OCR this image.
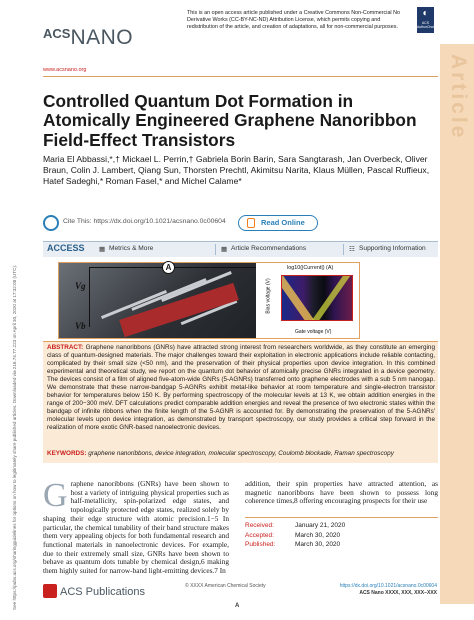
See https://pubs.acs.org/sharingguidelines for options on how to legitimately share published articles. Downloaded via 216.74.77.223 on April 30, 2020 at 17:32:08 (UTC).
$^{ACS}$NANO
www.acsnano.org
This is an open access article published under a Creative Commons Non-Commercial No Derivative Works (CC-BY-NC-ND) Attribution License, which permits copying and redistribution of the article, and creation of adaptations, all for non-commercial purposes.
◐
ACS AuthorChoice
Article
Controlled Quantum Dot Formation in Atomically Engineered Graphene Nanoribbon Field-Effect Transistors
Maria El Abbassi,*,† Mickael L. Perrin,† Gabriela Borin Barin, Sara Sangtarash, Jan Overbeck, Oliver Braun, Colin J. Lambert, Qiang Sun, Thorsten Prechtl, Akimitsu Narita, Klaus Müllen, Pascal Ruffieux, Hatef Sadeghi,* Roman Fasel,* and Michel Calame*
Cite This: https://dx.doi.org/10.1021/acsnano.0c00604	Read Online
ACCESS ▦ Metrics & More	▦ Article Recommendations	☷ Supporting Information
A
Vg
Vb
log10(|Current|) (A)
Bias voltage (V)
Gate voltage (V)
ABSTRACT: Graphene nanoribbons (GNRs) have attracted strong interest from researchers worldwide, as they constitute an emerging class of quantum-designed materials. The major challenges toward their exploitation in electronic applications include reliable contacting, complicated by their small size (<50 nm), and the preservation of their physical properties upon device integration. In this combined experimental and theoretical study, we report on the quantum dot behavior of atomically precise GNRs integrated in a device geometry. The devices consist of a film of aligned five-atom-wide GNRs (5-AGNRs) transferred onto graphene electrodes with a sub 5 nm nanogap. We demonstrate that these narrow-bandgap 5-AGNRs exhibit metal-like behavior at room temperature and single-electron transistor behavior for temperatures below 150 K. By performing spectroscopy of the molecular levels at 13 K, we obtain addition energies in the range of 200−300 meV. DFT calculations predict comparable addition energies and reveal the presence of two electronic states within the bandgap of infinite ribbons when the finite length of the 5-AGNR is accounted for. By demonstrating the preservation of the 5-AGNRs' molecular levels upon device integration, as demonstrated by transport spectroscopy, our study provides a critical step forward in the realization of more exotic GNR-based nanoelectronic devices.
KEYWORDS: graphene nanoribbons, device integration, molecular spectroscopy, Coulomb blockade, Raman spectroscopy
G raphene nanoribbons (GNRs) have been shown to host a variety of intriguing physical properties such as half-metallicity, spin-polarized edge states, and topologically protected edge states, realized solely by shaping their edge structure with atomic precision.1−5 In particular, the chemical tunability of their band structure makes them very appealing objects for both fundamental research and functional materials in nanoelectronic devices. For example, due to their extremely small size, GNRs have been shown to behave as quantum dots tunable by chemical design,6 making them highly suited for narrow-band light-emitting devices.7 In
addition, their spin properties have attracted attention, as magnetic nanoribbons have been shown to possess long coherence times,8 offering encouraging prospects for their use
Received:	January 21, 2020
Accepted:	March 30, 2020
Published:	March 30, 2020
ACS Publications	© XXXX American Chemical Society
A
https://dx.doi.org/10.1021/acsnano.0c00604
ACS Nano XXXX, XXX, XXX−XXX
